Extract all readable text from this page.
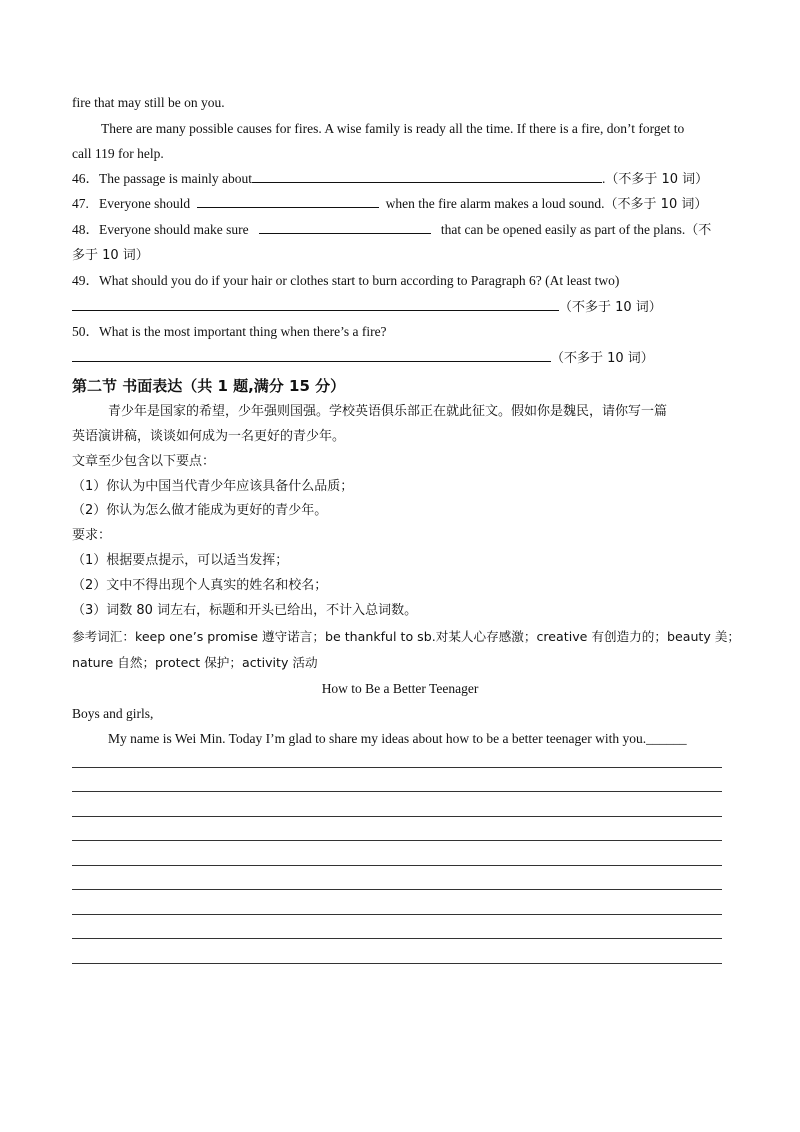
fire that may still be on you.
There are many possible causes for fires. A wise family is ready all the time. If there is a fire, don’t forget to
call 119 for help.
46．The passage is mainly about	.（不多于 10 词）
47. Everyone should	when the fire alarm makes a loud sound.（不多于 10 词）
48．Everyone should make sure	that can be opened easily as part of the plans.（不
多于 10 词）
49．What should you do if your hair or clothes start to burn according to Paragraph 6? (At least two)
（不多于 10 词）
50．What is the most important thing when there’s a fire?
（不多于 10 词）
第二节 书面表达（共 1 题,满分 15 分）
青少年是国家的希望，少年强则国强。学校英语俱乐部正在就此征文。假如你是魏民，请你写一篇
英语演讲稿，谈谈如何成为一名更好的青少年。
文章至少包含以下要点：
（1）你认为中国当代青少年应该具备什么品质；
（2）你认为怎么做才能成为更好的青少年。
要求：
（1）根据要点提示，可以适当发挥；
（2）文中不得出现个人真实的姓名和校名；
（3）词数 80 词左右，标题和开头已给出，不计入总词数。
参考词汇：keep one’s promise 遵守诺言；be thankful to sb.对某人心存感激；creative 有创造力的；beauty 美；
nature 自然；protect 保护；activity 活动
How to Be a Better Teenager
Boys and girls,
My name is Wei Min. Today I’m glad to share my ideas about how to be a better teenager with you.______
